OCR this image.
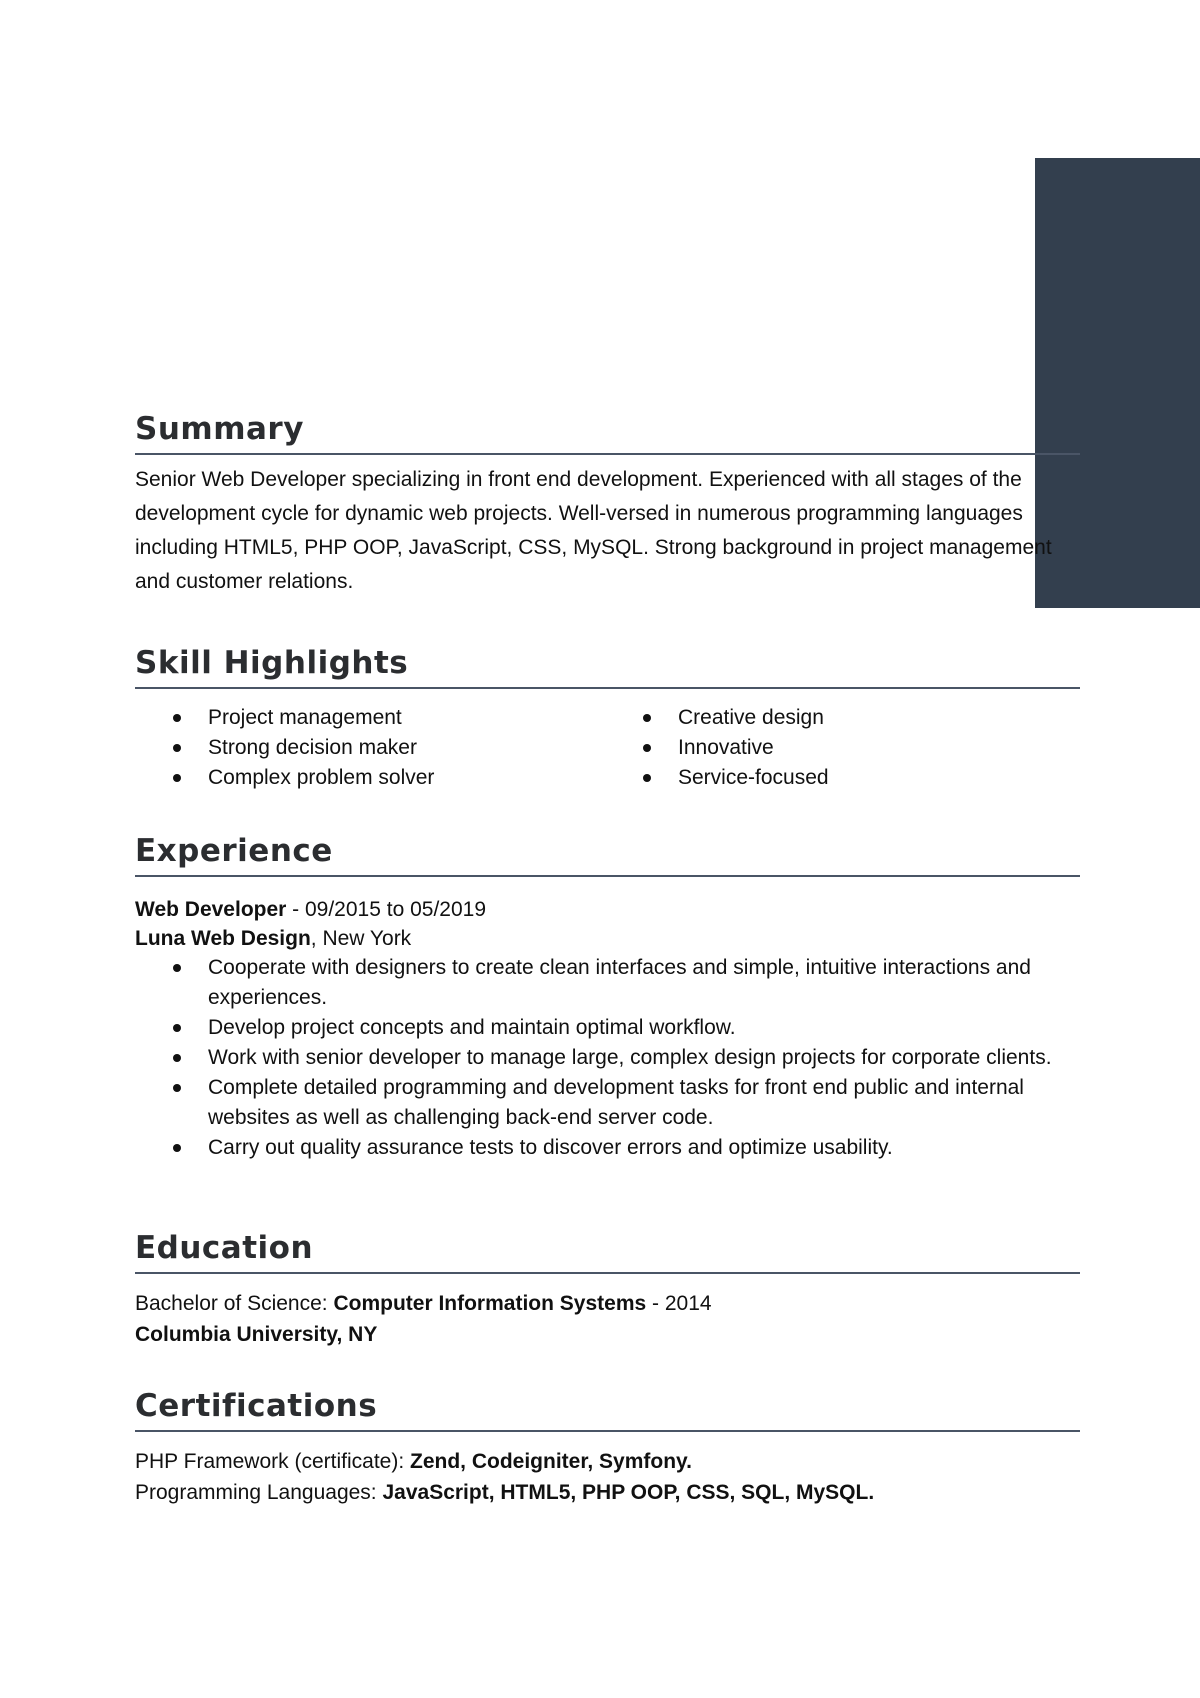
Summary

Senior Web Developer specializing in front end development. Experienced with all stages of the development cycle for dynamic web projects. Well-versed in numerous programming languages including HTML5, PHP OOP, JavaScript, CSS, MySQL. Strong background in project management and customer relations.

Skill Highlights
Project management
Strong decision maker
Complex problem solver
Creative design
Innovative
Service-focused
Experience

Web Developer - 09/2015 to 05/2019

Luna Web Design, New York

Cooperate with designers to create clean interfaces and simple, intuitive interactions and experiences.
Develop project concepts and maintain optimal workflow.
Work with senior developer to manage large, complex design projects for corporate clients.
Complete detailed programming and development tasks for front end public and internal websites as well as challenging back-end server code.
Carry out quality assurance tests to discover errors and optimize usability.
Education

Bachelor of Science: Computer Information Systems - 2014

Columbia University, NY

Certifications

PHP Framework (certificate): Zend, Codeigniter, Symfony.

Programming Languages: JavaScript, HTML5, PHP OOP, CSS, SQL, MySQL.
